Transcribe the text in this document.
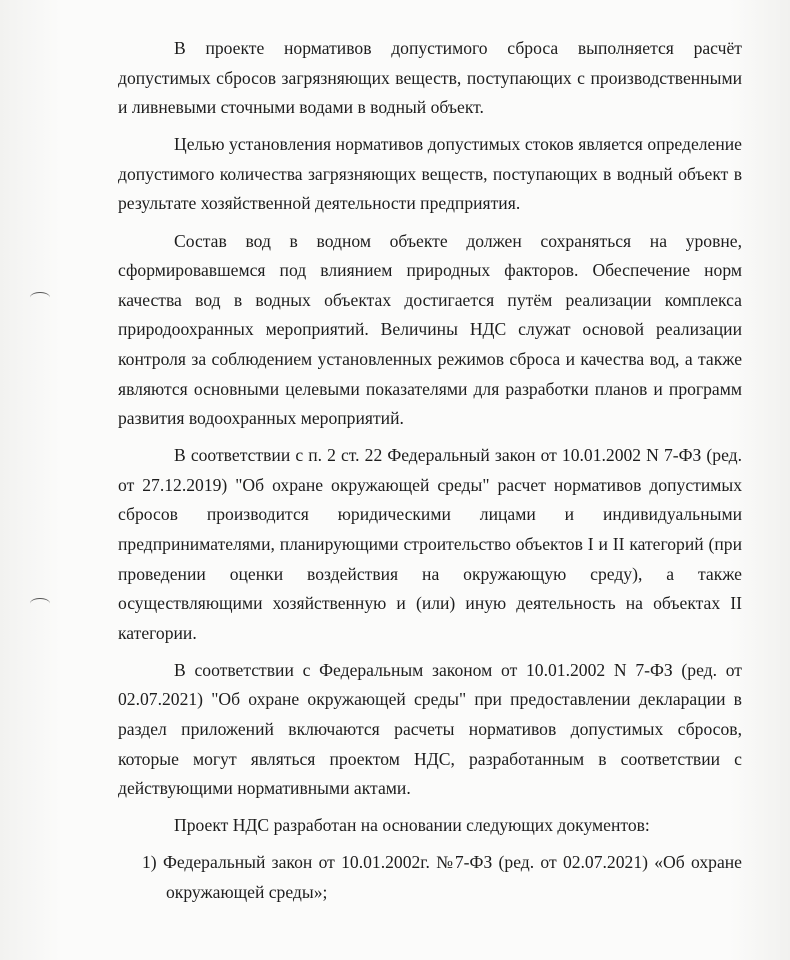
В проекте нормативов допустимого сброса выполняется расчёт допустимых сбросов загрязняющих веществ, поступающих с производственными и ливневыми сточными водами в водный объект.

Целью установления нормативов допустимых стоков является определение допустимого количества загрязняющих веществ, поступающих в водный объект в результате хозяйственной деятельности предприятия.

Состав вод в водном объекте должен сохраняться на уровне, сформировавшемся под влиянием природных факторов. Обеспечение норм качества вод в водных объектах достигается путём реализации комплекса природоохранных мероприятий. Величины НДС служат основой реализации контроля за соблюдением установленных режимов сброса и качества вод, а также являются основными целевыми показателями для разработки планов и программ развития водоохранных мероприятий.

В соответствии с п. 2 ст. 22 Федеральный закон от 10.01.2002 N 7-ФЗ (ред. от 27.12.2019) "Об охране окружающей среды" расчет нормативов допустимых сбросов производится юридическими лицами и индивидуальными предпринимателями, планирующими строительство объектов I и II категорий (при проведении оценки воздействия на окружающую среду), а также осуществляющими хозяйственную и (или) иную деятельность на объектах II категории.

В соответствии с Федеральным законом от 10.01.2002 N 7-ФЗ (ред. от 02.07.2021) "Об охране окружающей среды" при предоставлении декларации в раздел приложений включаются расчеты нормативов допустимых сбросов, которые могут являться проектом НДС, разработанным в соответствии с действующими нормативными актами.

Проект НДС разработан на основании следующих документов:

1) Федеральный закон от 10.01.2002г. №7-ФЗ (ред. от 02.07.2021) «Об охране окружающей среды»;
